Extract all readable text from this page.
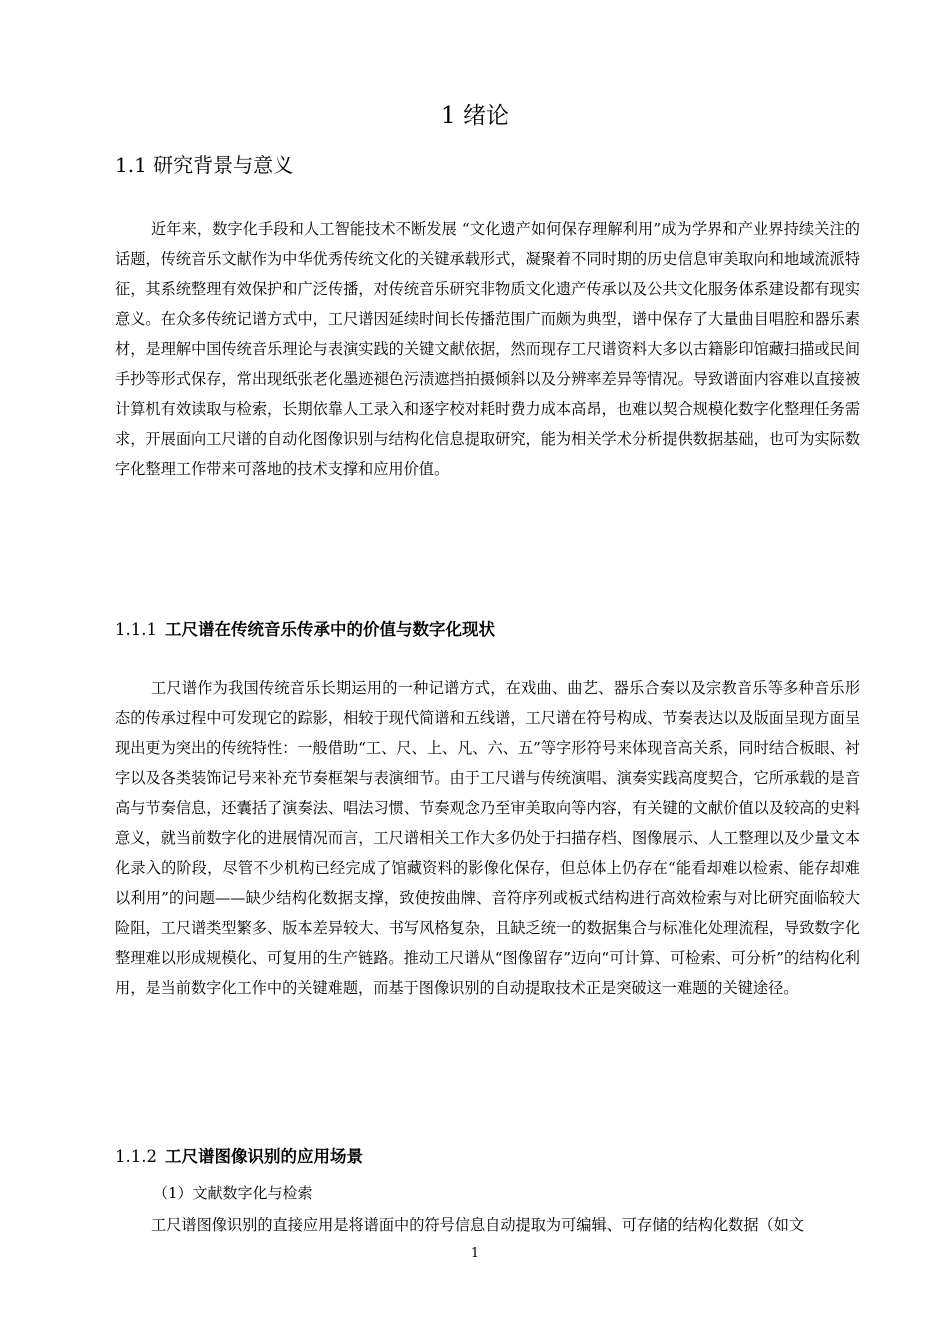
1 绪论
1.1 研究背景与意义
近年来，数字化手段和人工智能技术不断发展 “文化遗产如何保存理解利用”成为学界和产业界持续关注的话题，传统音乐文献作为中华优秀传统文化的关键承载形式，凝聚着不同时期的历史信息审美取向和地域流派特征，其系统整理有效保护和广泛传播，对传统音乐研究非物质文化遗产传承以及公共文化服务体系建设都有现实意义。在众多传统记谱方式中，工尺谱因延续时间长传播范围广而颇为典型，谱中保存了大量曲目唱腔和器乐素材，是理解中国传统音乐理论与表演实践的关键文献依据，然而现存工尺谱资料大多以古籍影印馆藏扫描或民间手抄等形式保存，常出现纸张老化墨迹褪色污渍遮挡拍摄倾斜以及分辨率差异等情况。导致谱面内容难以直接被计算机有效读取与检索，长期依靠人工录入和逐字校对耗时费力成本高昂，也难以契合规模化数字化整理任务需求，开展面向工尺谱的自动化图像识别与结构化信息提取研究，能为相关学术分析提供数据基础，也可为实际数字化整理工作带来可落地的技术支撑和应用价值。
1.1.1 工尺谱在传统音乐传承中的价值与数字化现状
工尺谱作为我国传统音乐长期运用的一种记谱方式，在戏曲、曲艺、器乐合奏以及宗教音乐等多种音乐形态的传承过程中可发现它的踪影，相较于现代简谱和五线谱，工尺谱在符号构成、节奏表达以及版面呈现方面呈现出更为突出的传统特性：一般借助“工、尺、上、凡、六、五”等字形符号来体现音高关系，同时结合板眼、衬字以及各类装饰记号来补充节奏框架与表演细节。由于工尺谱与传统演唱、演奏实践高度契合，它所承载的是音高与节奏信息，还囊括了演奏法、唱法习惯、节奏观念乃至审美取向等内容，有关键的文献价值以及较高的史料意义，就当前数字化的进展情况而言，工尺谱相关工作大多仍处于扫描存档、图像展示、人工整理以及少量文本化录入的阶段，尽管不少机构已经完成了馆藏资料的影像化保存，但总体上仍存在“能看却难以检索、能存却难以利用”的问题——缺少结构化数据支撑，致使按曲牌、音符序列或板式结构进行高效检索与对比研究面临较大险阻，工尺谱类型繁多、版本差异较大、书写风格复杂，且缺乏统一的数据集合与标准化处理流程，导致数字化整理难以形成规模化、可复用的生产链路。推动工尺谱从“图像留存”迈向“可计算、可检索、可分析”的结构化利用，是当前数字化工作中的关键难题，而基于图像识别的自动提取技术正是突破这一难题的关键途径。
1.1.2 工尺谱图像识别的应用场景
（1）文献数字化与检索
工尺谱图像识别的直接应用是将谱面中的符号信息自动提取为可编辑、可存储的结构化数据（如文
1
